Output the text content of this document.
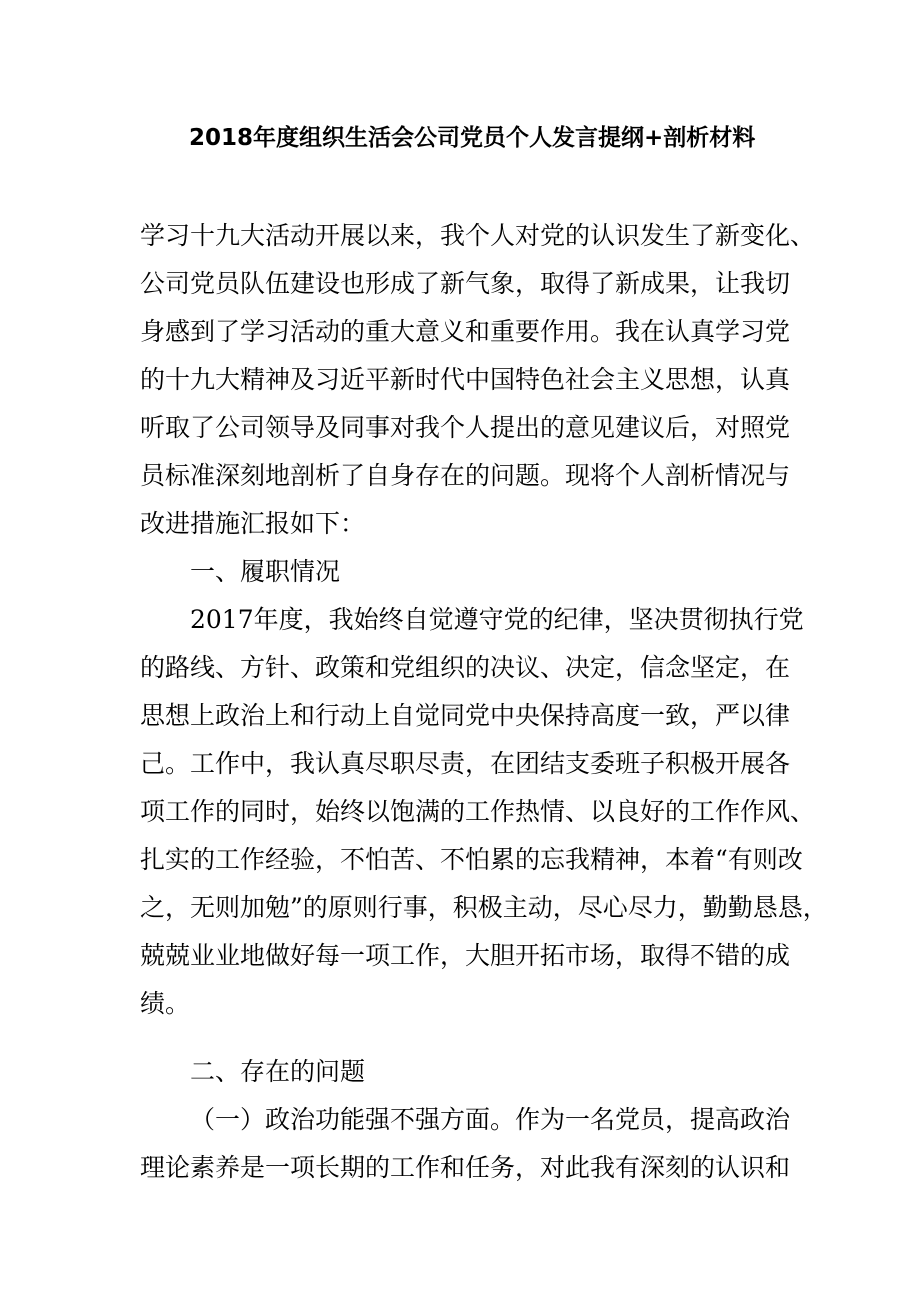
2018年度组织生活会公司党员个人发言提纲+剖析材料
学习十九大活动开展以来，我个人对党的认识发生了新变化、
公司党员队伍建设也形成了新气象，取得了新成果，让我切
身感到了学习活动的重大意义和重要作用。我在认真学习党
的十九大精神及习近平新时代中国特色社会主义思想，认真
听取了公司领导及同事对我个人提出的意见建议后，对照党
员标准深刻地剖析了自身存在的问题。现将个人剖析情况与
改进措施汇报如下：
一、履职情况
2017年度，我始终自觉遵守党的纪律，坚决贯彻执行党
的路线、方针、政策和党组织的决议、决定，信念坚定，在
思想上政治上和行动上自觉同党中央保持高度一致，严以律
己。工作中，我认真尽职尽责，在团结支委班子积极开展各
项工作的同时，始终以饱满的工作热情、以良好的工作作风、
扎实的工作经验，不怕苦、不怕累的忘我精神，本着“有则改
之，无则加勉”的原则行事，积极主动，尽心尽力，勤勤恳恳，
兢兢业业地做好每一项工作，大胆开拓市场，取得不错的成
绩。
二、存在的问题
（一）政治功能强不强方面。作为一名党员，提高政治
理论素养是一项长期的工作和任务，对此我有深刻的认识和
